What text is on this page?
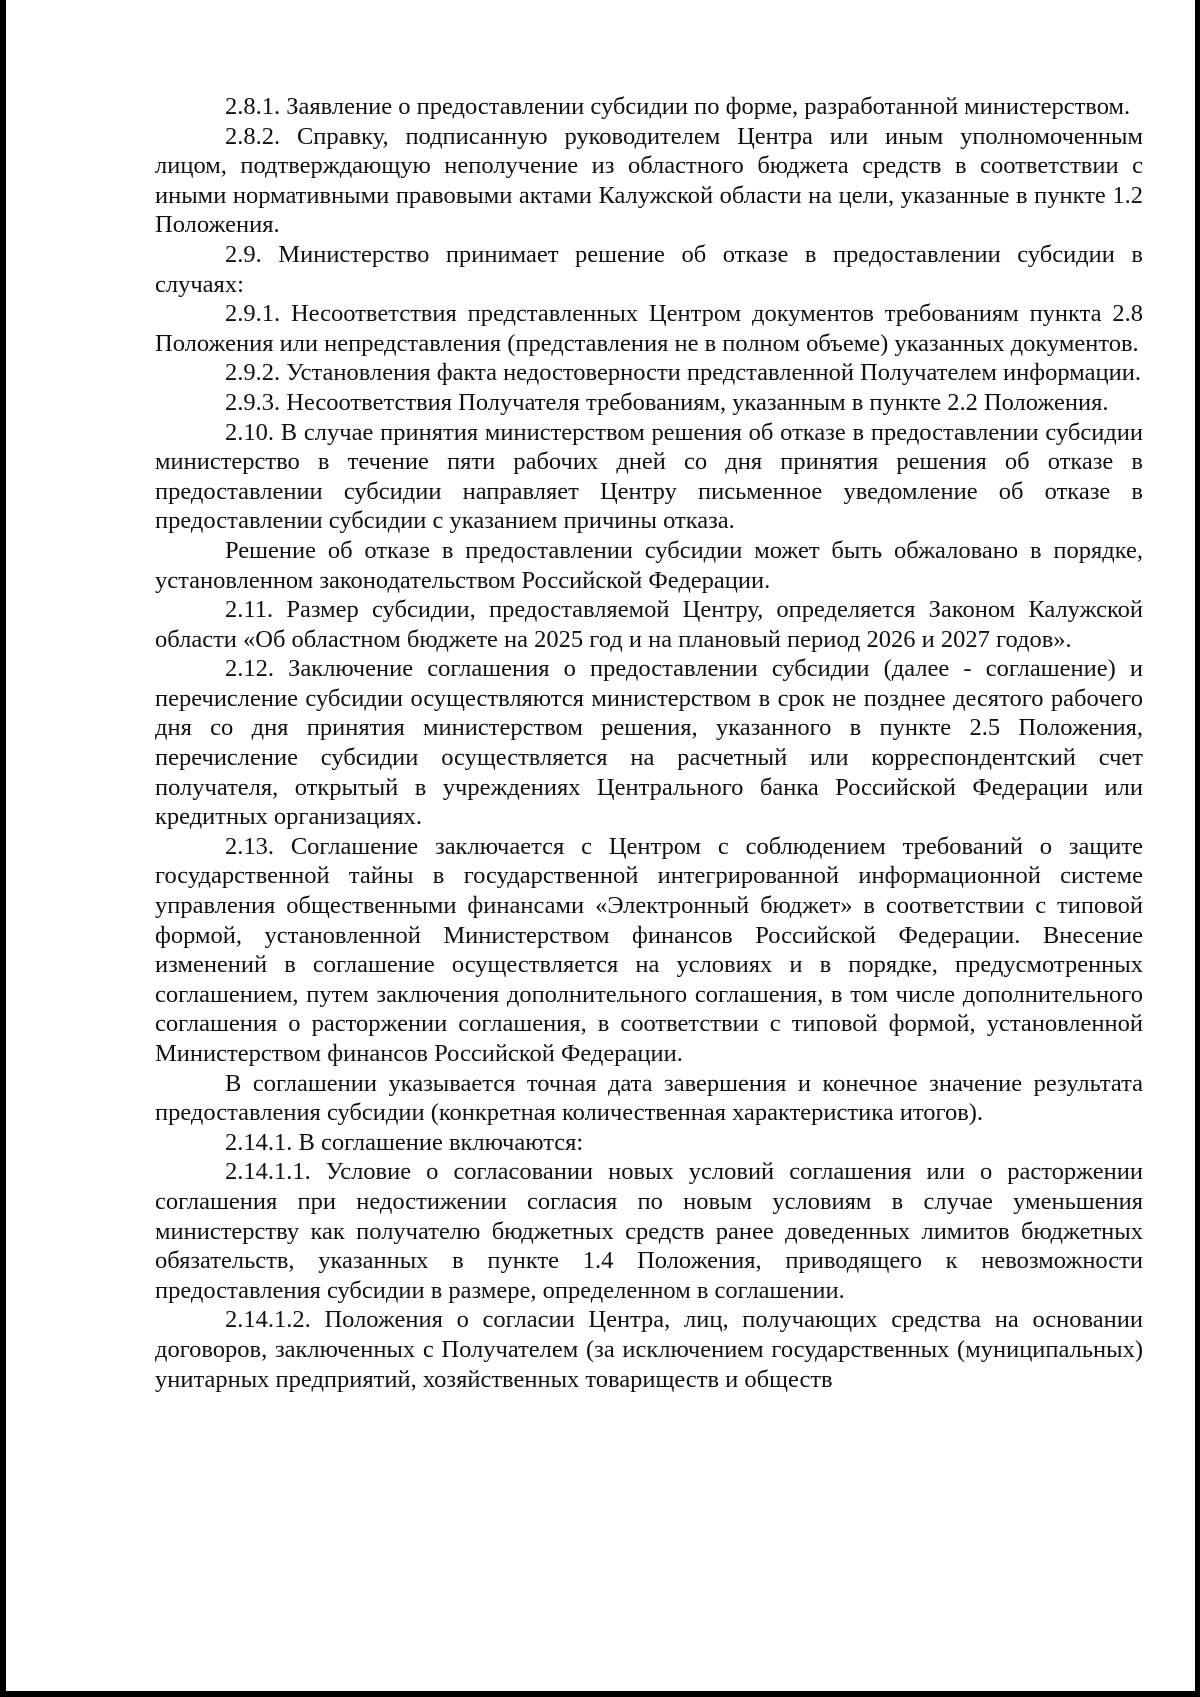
2.8.1. Заявление о предоставлении субсидии по форме, разработанной министерством.

2.8.2. Справку, подписанную руководителем Центра или иным уполномоченным лицом, подтверждающую неполучение из областного бюджета средств в соответствии с иными нормативными правовыми актами Калужской области на цели, указанные в пункте 1.2 Положения.

2.9. Министерство принимает решение об отказе в предоставлении субсидии в случаях:

2.9.1. Несоответствия представленных Центром документов требованиям пункта 2.8 Положения или непредставления (представления не в полном объеме) указанных документов.

2.9.2. Установления факта недостоверности представленной Получателем информации.

2.9.3. Несоответствия Получателя требованиям, указанным в пункте 2.2 Положения.

2.10. В случае принятия министерством решения об отказе в предоставлении субсидии министерство в течение пяти рабочих дней со дня принятия решения об отказе в предоставлении субсидии направляет Центру письменное уведомление об отказе в предоставлении субсидии с указанием причины отказа.

Решение об отказе в предоставлении субсидии может быть обжаловано в порядке, установленном законодательством Российской Федерации.

2.11. Размер субсидии, предоставляемой Центру, определяется Законом Калужской области «Об областном бюджете на 2025 год и на плановый период 2026 и 2027 годов».

2.12. Заключение соглашения о предоставлении субсидии (далее - соглашение) и перечисление субсидии осуществляются министерством в срок не позднее десятого рабочего дня со дня принятия министерством решения, указанного в пункте 2.5 Положения, перечисление субсидии осуществляется на расчетный или корреспондентский счет получателя, открытый в учреждениях Центрального банка Российской Федерации или кредитных организациях.

2.13. Соглашение заключается с Центром с соблюдением требований о защите государственной тайны в государственной интегрированной информационной системе управления общественными финансами «Электронный бюджет» в соответствии с типовой формой, установленной Министерством финансов Российской Федерации. Внесение изменений в соглашение осуществляется на условиях и в порядке, предусмотренных соглашением, путем заключения дополнительного соглашения, в том числе дополнительного соглашения о расторжении соглашения, в соответствии с типовой формой, установленной Министерством финансов Российской Федерации.

В соглашении указывается точная дата завершения и конечное значение результата предоставления субсидии (конкретная количественная характеристика итогов).

2.14.1. В соглашение включаются:

2.14.1.1. Условие о согласовании новых условий соглашения или о расторжении соглашения при недостижении согласия по новым условиям в случае уменьшения министерству как получателю бюджетных средств ранее доведенных лимитов бюджетных обязательств, указанных в пункте 1.4 Положения, приводящего к невозможности предоставления субсидии в размере, определенном в соглашении.

2.14.1.2. Положения о согласии Центра, лиц, получающих средства на основании договоров, заключенных с Получателем (за исключением государственных (муниципальных) унитарных предприятий, хозяйственных товариществ и обществ
